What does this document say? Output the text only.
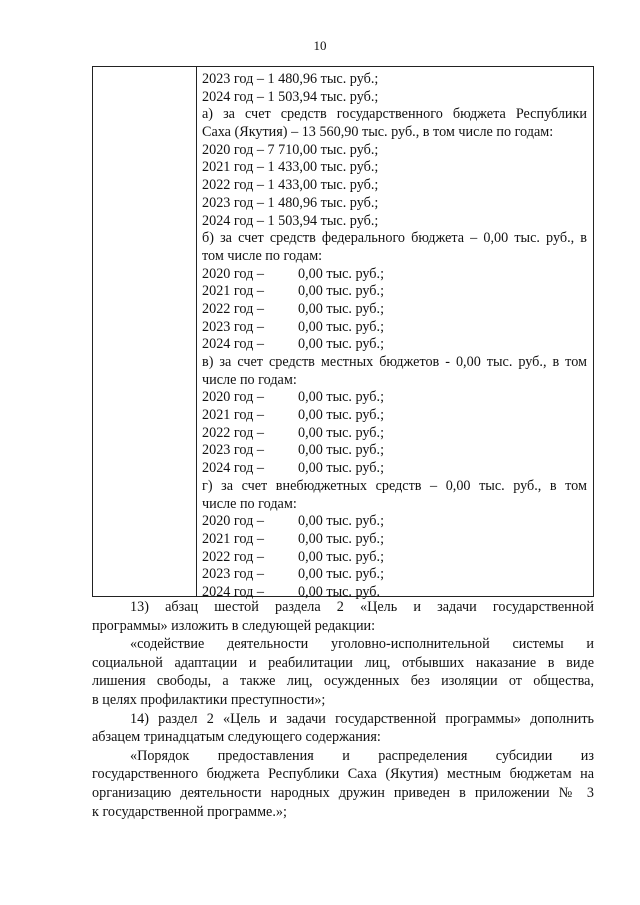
10
2023 год – 1 480,96 тыс. руб.;
2024 год – 1 503,94 тыс. руб.;
а) за счет средств государственного бюджета Республики
Саха (Якутия) – 13 560,90 тыс. руб., в том числе по годам:
2020 год – 7 710,00 тыс. руб.;
2021 год – 1 433,00 тыс. руб.;
2022 год – 1 433,00 тыс. руб.;
2023 год – 1 480,96 тыс. руб.;
2024 год – 1 503,94 тыс. руб.;
б) за счет средств федерального бюджета – 0,00 тыс. руб., в
том числе по годам:
2020 год – 0,00 тыс. руб.;
2021 год – 0,00 тыс. руб.;
2022 год – 0,00 тыс. руб.;
2023 год – 0,00 тыс. руб.;
2024 год – 0,00 тыс. руб.;
в) за счет средств местных бюджетов - 0,00 тыс. руб., в том
числе по годам:
2020 год – 0,00 тыс. руб.;
2021 год – 0,00 тыс. руб.;
2022 год – 0,00 тыс. руб.;
2023 год – 0,00 тыс. руб.;
2024 год – 0,00 тыс. руб.;
г) за счет внебюджетных средств – 0,00 тыс. руб., в том
числе по годам:
2020 год – 0,00 тыс. руб.;
2021 год – 0,00 тыс. руб.;
2022 год – 0,00 тыс. руб.;
2023 год – 0,00 тыс. руб.;
2024 год – 0,00 тыс. руб.
13) абзац шестой раздела 2 «Цель и задачи государственной
программы» изложить в следующей редакции:
«содействие деятельности уголовно-исполнительной системы и
социальной адаптации и реабилитации лиц, отбывших наказание в виде
лишения свободы, а также лиц, осужденных без изоляции от общества,
в целях профилактики преступности»;
14) раздел 2 «Цель и задачи государственной программы» дополнить
абзацем тринадцатым следующего содержания:
«Порядок предоставления и распределения субсидии из
государственного бюджета Республики Саха (Якутия) местным бюджетам на
организацию деятельности народных дружин приведен в приложении № 3
к государственной программе.»;
